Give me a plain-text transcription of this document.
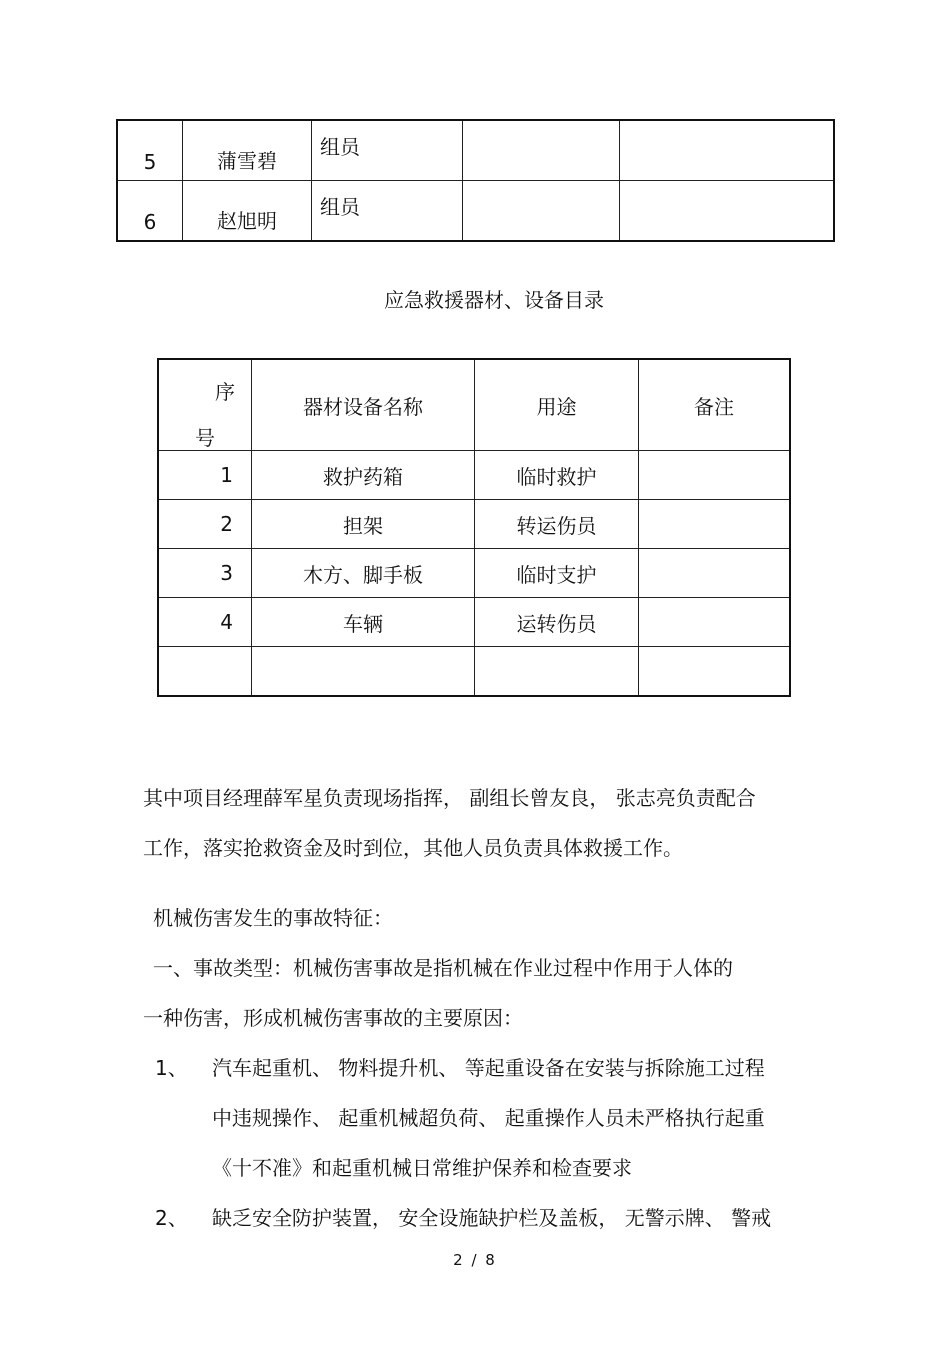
5	蒲雪碧	组员		
6	赵旭明	组员		
应急救援器材、设备目录
序
号	器材设备名称	用途	备注
1	救护药箱	临时救护	
2	担架	转运伤员	
3	木方、脚手板	临时支护	
4	车辆	运转伤员	

其中项目经理薛军星负责现场指挥， 副组长曾友良， 张志亮负责配合
工作，落实抢救资金及时到位，其他人员负责具体救援工作。
机械伤害发生的事故特征：
一、事故类型：机械伤害事故是指机械在作业过程中作用于人体的
一种伤害，形成机械伤害事故的主要原因：
1、 汽车起重机、 物料提升机、 等起重设备在安装与拆除施工过程
中违规操作、 起重机械超负荷、 起重操作人员未严格执行起重
《十不准》和起重机械日常维护保养和检查要求
2、 缺乏安全防护装置， 安全设施缺护栏及盖板， 无警示牌、 警戒
2 / 8
